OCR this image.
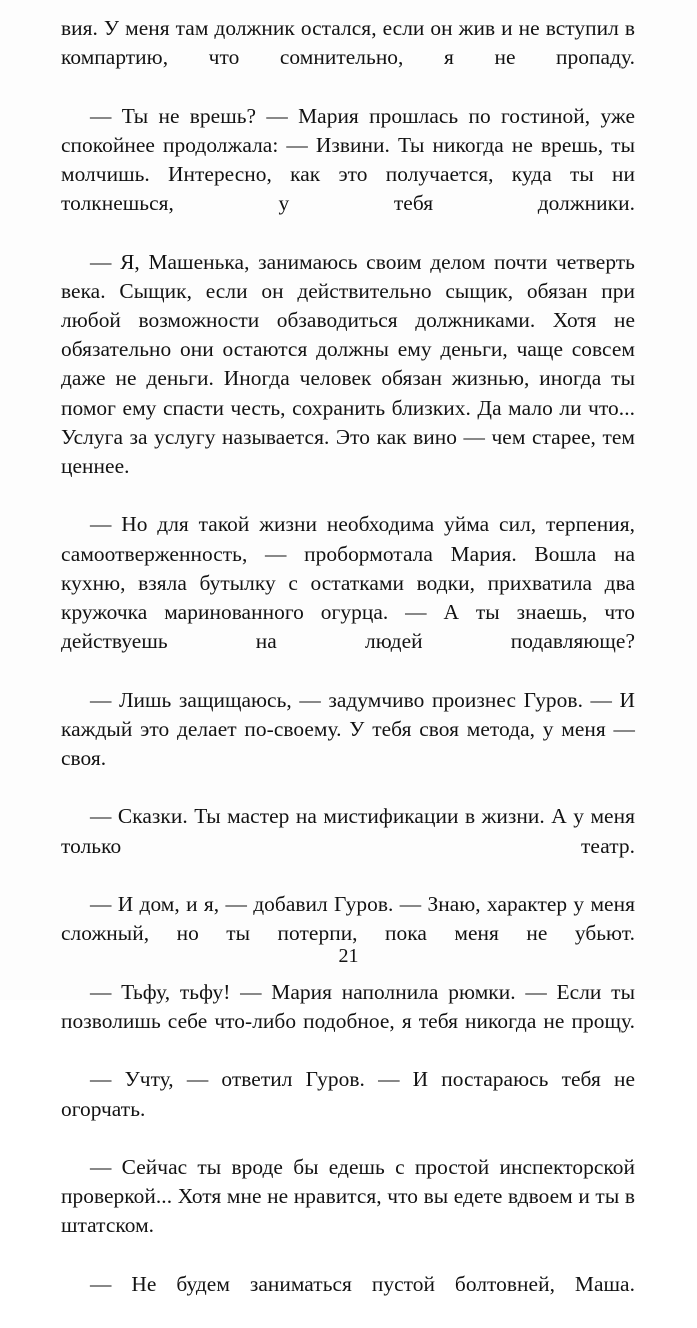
вия. У меня там должник остался, если он жив и не вступил в компартию, что сомнительно, я не пропаду.

— Ты не врешь? — Мария прошлась по гостиной, уже спокойнее продолжала: — Извини. Ты никогда не врешь, ты молчишь. Интересно, как это получается, куда ты ни толкнешься, у тебя должники.

— Я, Машенька, занимаюсь своим делом почти четверть века. Сыщик, если он действительно сыщик, обязан при любой возможности обзаводиться должниками. Хотя не обязательно они остаются должны ему деньги, чаще совсем даже не деньги. Иногда человек обязан жизнью, иногда ты помог ему спасти честь, сохранить близких. Да мало ли что... Услуга за услугу называется. Это как вино — чем старее, тем ценнее.

— Но для такой жизни необходима уйма сил, терпения, самоотверженность, — пробормотала Мария. Вошла на кухню, взяла бутылку с остатками водки, прихватила два кружочка маринованного огурца. — А ты знаешь, что действуешь на людей подавляюще?

— Лишь защищаюсь, — задумчиво произнес Гуров. — И каждый это делает по-своему. У тебя своя метода, у меня — своя.

— Сказки. Ты мастер на мистификации в жизни. А у меня только театр.

— И дом, и я, — добавил Гуров. — Знаю, характер у меня сложный, но ты потерпи, пока меня не убьют.

— Тьфу, тьфу! — Мария наполнила рюмки. — Если ты позволишь себе что-либо подобное, я тебя никогда не прощу.

— Учту, — ответил Гуров. — И постараюсь тебя не огорчать.

— Сейчас ты вроде бы едешь с простой инспекторской проверкой... Хотя мне не нравится, что вы едете вдвоем и ты в штатском.

— Не будем заниматься пустой болтовней, Маша.

21
